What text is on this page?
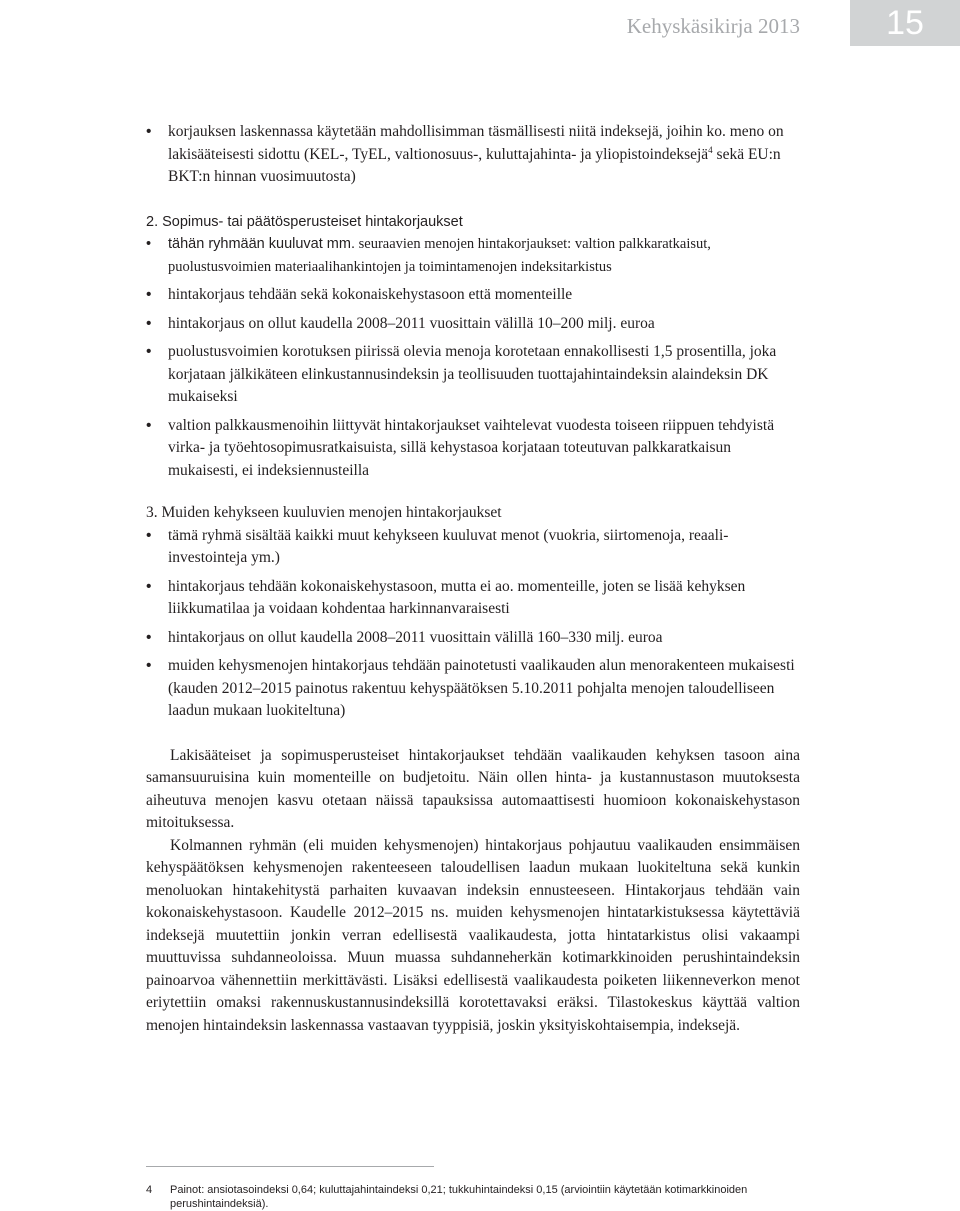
Kehyskäsikirja 2013	15
• korjauksen laskennassa käytetään mahdollisimman täsmällisesti niitä indeksejä, joihin ko. meno on lakisääteisesti sidottu (KEL-, TyEL, valtionosuus-, kuluttajahinta- ja yliopistoindeksejä$^4$ sekä EU:n BKT:n hinnan vuosimuutosta)

2. Sopimus- tai päätösperusteiset hintakorjaukset

• tähän ryhmään kuuluvat mm. seuraavien menojen hintakorjaukset: valtion palkkaratkaisut, puolustusvoimien materiaalihankintojen ja toimintamenojen indeksitarkistus
• hintakorjaus tehdään sekä kokonaiskehystasoon että momenteille
• hintakorjaus on ollut kaudella 2008–2011 vuosittain välillä 10–200 milj. euroa
• puolustusvoimien korotuksen piirissä olevia menoja korotetaan ennakollisesti 1,5 prosentilla, joka korjataan jälkikäteen elinkustannusindeksin ja teollisuuden tuottajahintaindeksin alaindeksin DK mukaiseksi
• valtion palkkausmenoihin liittyvät hintakorjaukset vaihtelevat vuodesta toiseen riippuen tehdyistä virka- ja työehtosopimusratkaisuista, sillä kehystasoa korjataan toteutuvan palkkaratkaisun mukaisesti, ei indeksiennusteilla

3. Muiden kehykseen kuuluvien menojen hintakorjaukset

• tämä ryhmä sisältää kaikki muut kehykseen kuuluvat menot (vuokria, siirtomenoja, reaali-investointeja ym.)
• hintakorjaus tehdään kokonaiskehystasoon, mutta ei ao. momenteille, joten se lisää kehyksen liikkumatilaa ja voidaan kohdentaa harkinnanvaraisesti
• hintakorjaus on ollut kaudella 2008–2011 vuosittain välillä 160–330 milj. euroa
• muiden kehysmenojen hintakorjaus tehdään painotetusti vaalikauden alun menorakenteen mukaisesti (kauden 2012–2015 painotus rakentuu kehyspäätöksen 5.10.2011 pohjalta menojen taloudelliseen laadun mukaan luokiteltuna)

Lakisääteiset ja sopimusperusteiset hintakorjaukset tehdään vaalikauden kehyksen tasoon aina samansuuruisina kuin momenteille on budjetoitu. Näin ollen hinta- ja kustannustason muutoksesta aiheutuva menojen kasvu otetaan näissä tapauksissa automaattisesti huomioon kokonaiskehystason mitoituksessa.

Kolmannen ryhmän (eli muiden kehysmenojen) hintakorjaus pohjautuu vaalikauden ensimmäisen kehyspäätöksen kehysmenojen rakenteeseen taloudellisen laadun mukaan luokiteltuna sekä kunkin menoluokan hintakehitystä parhaiten kuvaavan indeksin ennusteeseen. Hintakorjaus tehdään vain kokonaiskehystasoon. Kaudelle 2012–2015 ns. muiden kehysmenojen hintatarkistuksessa käytettäviä indeksejä muutettiin jonkin verran edellisestä vaalikaudesta, jotta hintatarkistus olisi vakaampi muuttuvissa suhdanneoloissa. Muun muassa suhdanneherkän kotimarkkinoiden perushintaindeksin painoarvoa vähennettiin merkittävästi. Lisäksi edellisestä vaalikaudesta poiketen liikenneverkon menot eriytettiin omaksi rakennuskustannusindeksillä korotettavaksi eräksi. Tilastokeskus käyttää valtion menojen hintaindeksin laskennassa vastaavan tyyppisiä, joskin yksityiskohtaisempia, indeksejä.

4 Painot: ansiotasoindeksi 0,64; kuluttajahintaindeksi 0,21; tukkuhintaindeksi 0,15 (arviointiin käytetään kotimarkkinoiden perushintaindeksiä).
